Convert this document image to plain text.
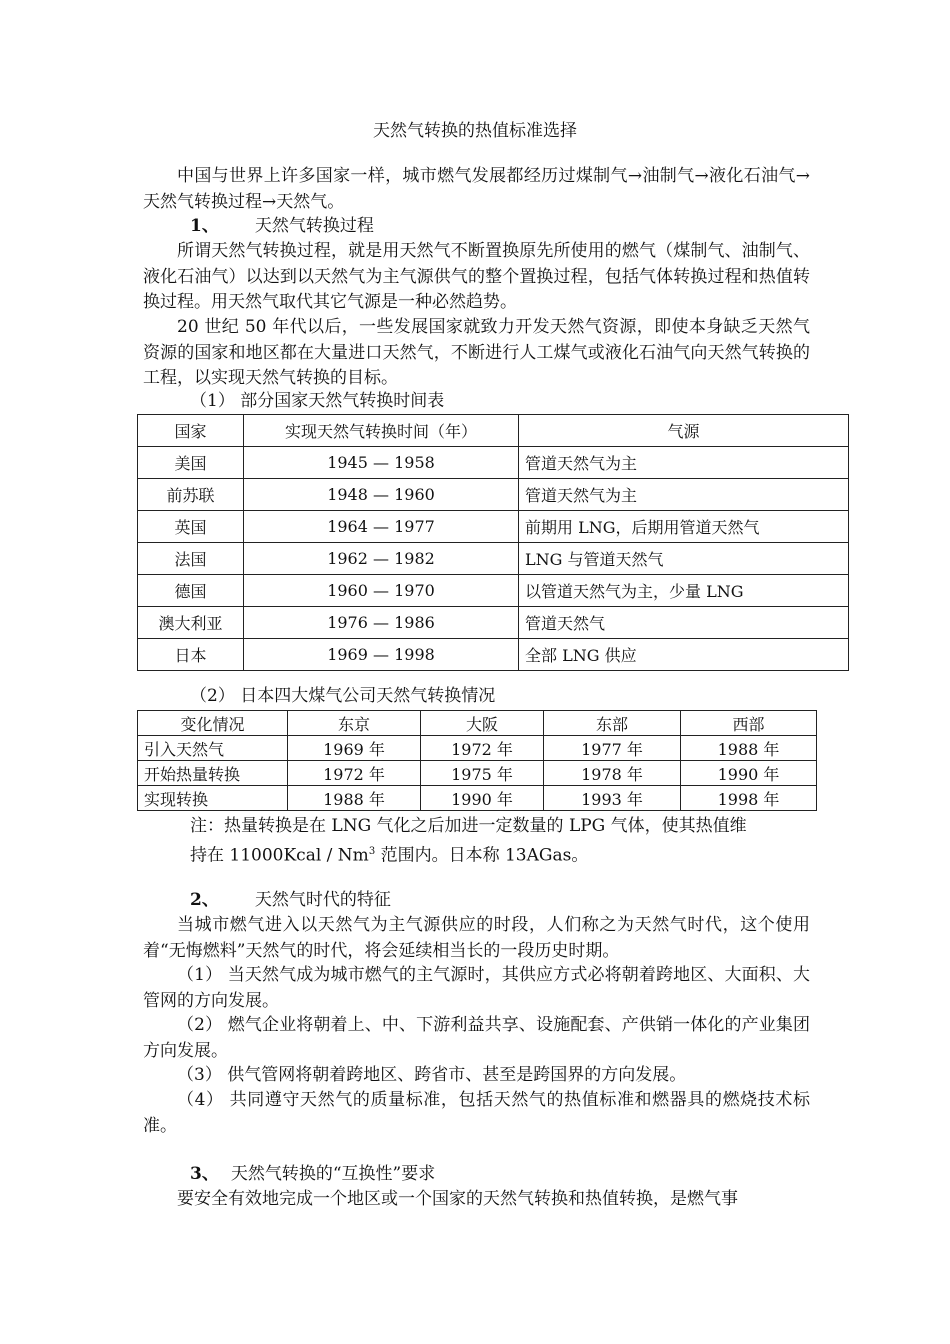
天然气转换的热值标准选择

中国与世界上许多国家一样，城市燃气发展都经历过煤制气→油制气→液化石油气→天然气转换过程→天然气。

1、 天然气转换过程

所谓天然气转换过程，就是用天然气不断置换原先所使用的燃气（煤制气、油制气、液化石油气）以达到以天然气为主气源供气的整个置换过程，包括气体转换过程和热值转换过程。用天然气取代其它气源是一种必然趋势。

20 世纪 50 年代以后，一些发展国家就致力开发天然气资源，即使本身缺乏天然气资源的国家和地区都在大量进口天然气，不断进行人工煤气或液化石油气向天然气转换的工程，以实现天然气转换的目标。

（1） 部分国家天然气转换时间表
国家	实现天然气转换时间（年）	气源
美国	1945 — 1958	管道天然气为主
前苏联	1948 — 1960	管道天然气为主
英国	1964 — 1977	前期用 LNG，后期用管道天然气
法国	1962 — 1982	LNG 与管道天然气
德国	1960 — 1970	以管道天然气为主，少量 LNG
澳大利亚	1976 — 1986	管道天然气
日本	1969 — 1998	全部 LNG 供应
（2） 日本四大煤气公司天然气转换情况
变化情况	东京	大阪	东部	西部
引入天然气	1969 年	1972 年	1977 年	1988 年
开始热量转换	1972 年	1975 年	1978 年	1990 年
实现转换	1988 年	1990 年	1993 年	1998 年
注：热量转换是在 LNG 气化之后加进一定数量的 LPG 气体，使其热值维
持在 11000Kcal / Nm$^3$ 范围内。日本称 13AGas。
2、 天然气时代的特征

当城市燃气进入以天然气为主气源供应的时段，人们称之为天然气时代，这个使用着“无悔燃料”天然气的时代，将会延续相当长的一段历史时期。

（1） 当天然气成为城市燃气的主气源时，其供应方式必将朝着跨地区、大面积、大管网的方向发展。

（2） 燃气企业将朝着上、中、下游利益共享、设施配套、产供销一体化的产业集团方向发展。

（3） 供气管网将朝着跨地区、跨省市、甚至是跨国界的方向发展。

（4） 共同遵守天然气的质量标准，包括天然气的热值标准和燃器具的燃烧技术标准。

3、 天然气转换的“互换性”要求

要安全有效地完成一个地区或一个国家的天然气转换和热值转换，是燃气事
